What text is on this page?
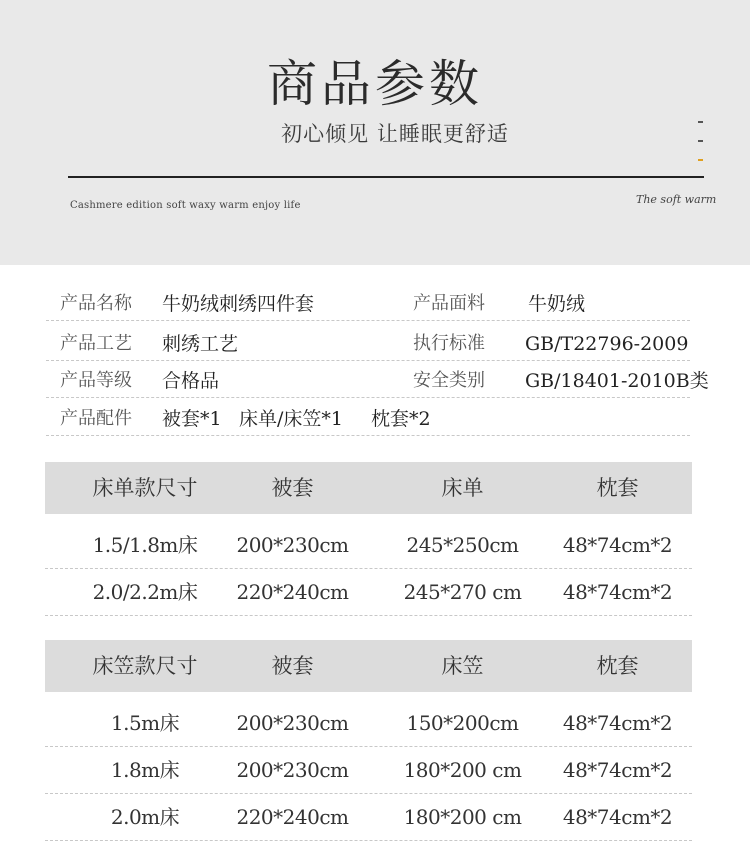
商品参数
初心倾见 让睡眠更舒适
Cashmere edition soft waxy warm enjoy life	The soft warm
产品名称 牛奶绒刺绣四件套	产品面料 牛奶绒
产品工艺 刺绣工艺	执行标准 GB/T22796-2009
产品等级 合格品	安全类别 GB/18401-2010B类
产品配件 被套*1 床单/床笠*1 枕套*2
床单款尺寸	被套	床单	枕套
1.5/1.8m床	200*230cm	245*250cm	48*74cm*2
2.0/2.2m床	220*240cm	245*270 cm	48*74cm*2
床笠款尺寸	被套	床笠	枕套
1.5m床	200*230cm	150*200cm	48*74cm*2
1.8m床	200*230cm	180*200 cm	48*74cm*2
2.0m床	220*240cm	180*200 cm	48*74cm*2
